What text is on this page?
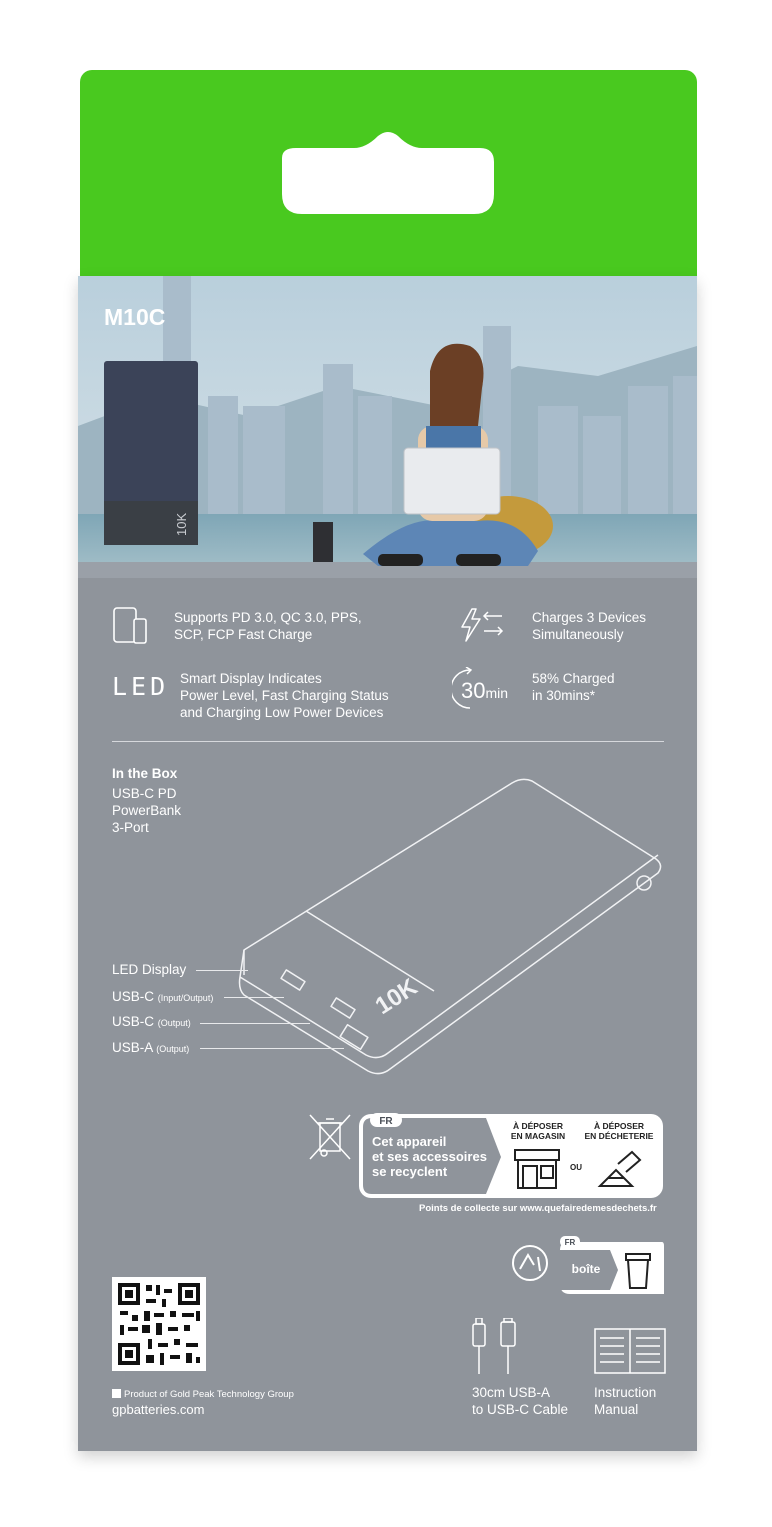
10K
M10C
Supports PD 3.0, QC 3.0, PPS,
SCP, FCP Fast Charge
Charges 3 Devices
Simultaneously
LED Smart Display Indicates
Power Level, Fast Charging Status
and Charging Low Power Devices
30min
58% Charged
in 30mins*
In the Box
USB-C PD
PowerBank
3-Port
10K
LED Display
USB-C (Input/Output)
USB-C (Output)
USB-A (Output)
FR
Cet appareil
et ses accessoires
se recyclent
À DÉPOSER
EN MAGASIN
OU
À DÉPOSER
EN DÉCHETERIE
Points de collecte sur www.quefairedemesdechets.fr
FR
boîte
Product of Gold Peak Technology Group
gpbatteries.com
30cm USB-A
to USB-C Cable
Instruction
Manual
